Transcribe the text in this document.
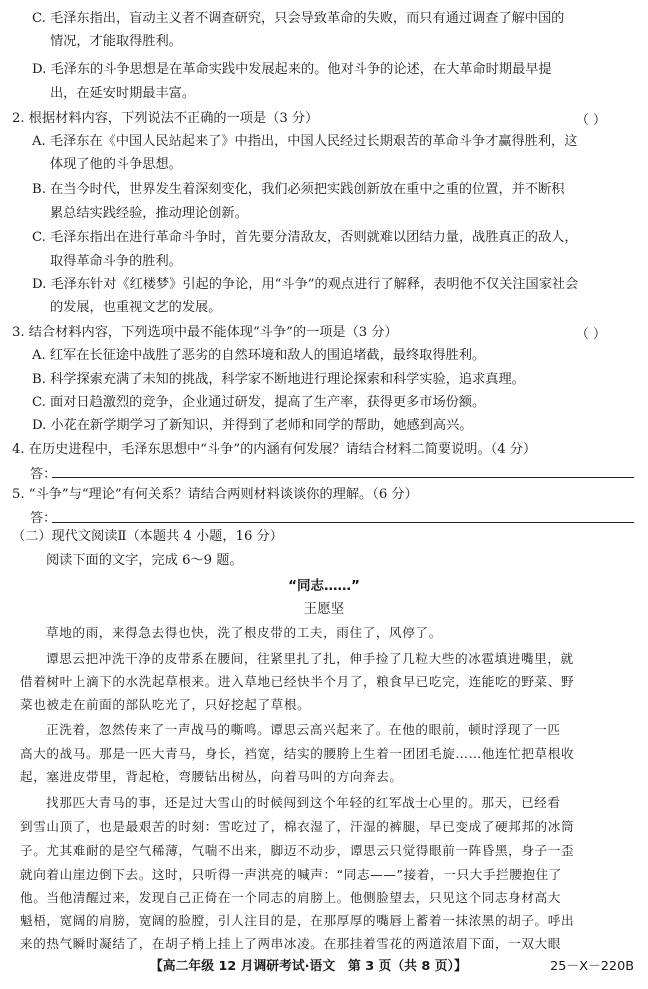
C. 毛泽东指出，盲动主义者不调查研究，只会导致革命的失败，而只有通过调查了解中国的
情况，才能取得胜利。
D. 毛泽东的斗争思想是在革命实践中发展起来的。他对斗争的论述，在大革命时期最早提
出，在延安时期最丰富。
2. 根据材料内容，下列说法不正确的一项是（3 分）	（ ）
A. 毛泽东在《中国人民站起来了》中指出，中国人民经过长期艰苦的革命斗争才赢得胜利，这
体现了他的斗争思想。
B. 在当今时代，世界发生着深刻变化，我们必须把实践创新放在重中之重的位置，并不断积
累总结实践经验，推动理论创新。
C. 毛泽东指出在进行革命斗争时，首先要分清敌友，否则就难以团结力量，战胜真正的敌人，
取得革命斗争的胜利。
D. 毛泽东针对《红楼梦》引起的争论，用“斗争”的观点进行了解释，表明他不仅关注国家社会
的发展，也重视文艺的发展。
3. 结合材料内容，下列选项中最不能体现“斗争”的一项是（3 分）	（ ）
A. 红军在长征途中战胜了恶劣的自然环境和敌人的围追堵截，最终取得胜利。
B. 科学探索充满了未知的挑战，科学家不断地进行理论探索和科学实验，追求真理。
C. 面对日趋激烈的竞争，企业通过研发，提高了生产率，获得更多市场份额。
D. 小花在新学期学习了新知识，并得到了老师和同学的帮助，她感到高兴。
4. 在历史进程中，毛泽东思想中“斗争”的内涵有何发展？请结合材料二简要说明。（4 分）
答：
5. “斗争”与“理论”有何关系？请结合两则材料谈谈你的理解。（6 分）
答：
（二）现代文阅读Ⅱ（本题共 4 小题，16 分）
阅读下面的文字，完成 6～9 题。
“同志……”
王愿坚
草地的雨，来得急去得也快，洗了根皮带的工夫，雨住了，风停了。
谭思云把冲洗干净的皮带系在腰间，往紧里扎了扎，伸手捡了几粒大些的冰雹填进嘴里，就
借着树叶上滴下的水洗起草根来。进入草地已经快半个月了，粮食早已吃完，连能吃的野菜、野
菜也被走在前面的部队吃光了，只好挖起了草根。
正洗着，忽然传来了一声战马的嘶鸣。谭思云高兴起来了。在他的眼前，顿时浮现了一匹
高大的战马。那是一匹大青马，身长，裆宽，结实的腰胯上生着一团团毛旋……他连忙把草根收
起，塞进皮带里，背起枪，弯腰钻出树丛，向着马叫的方向奔去。
找那匹大青马的事，还是过大雪山的时候闯到这个年轻的红军战士心里的。那天，已经看
到雪山顶了，也是最艰苦的时刻：雪吃过了，棉衣湿了，汗湿的裤腿，早已变成了硬邦邦的冰筒
子。尤其难耐的是空气稀薄，气喘不出来，脚迈不动步，谭思云只觉得眼前一阵昏黑，身子一歪
就向着山崖边倒下去。这时，只听得一声洪亮的喊声：“同志——”接着，一只大手拦腰抱住了
他。当他清醒过来，发现自己正倚在一个同志的肩膀上。他侧脸望去，只见这个同志身材高大
魁梧，宽阔的肩膀，宽阔的脸膛，引人注目的是，在那厚厚的嘴唇上蓄着一抹浓黑的胡子。呼出
来的热气瞬时凝结了，在胡子梢上挂上了两串冰凌。在那挂着雪花的两道浓眉下面，一双大眼
【高二年级 12 月调研考试·语文　第 3 页（共 8 页）】	25－X－220B
